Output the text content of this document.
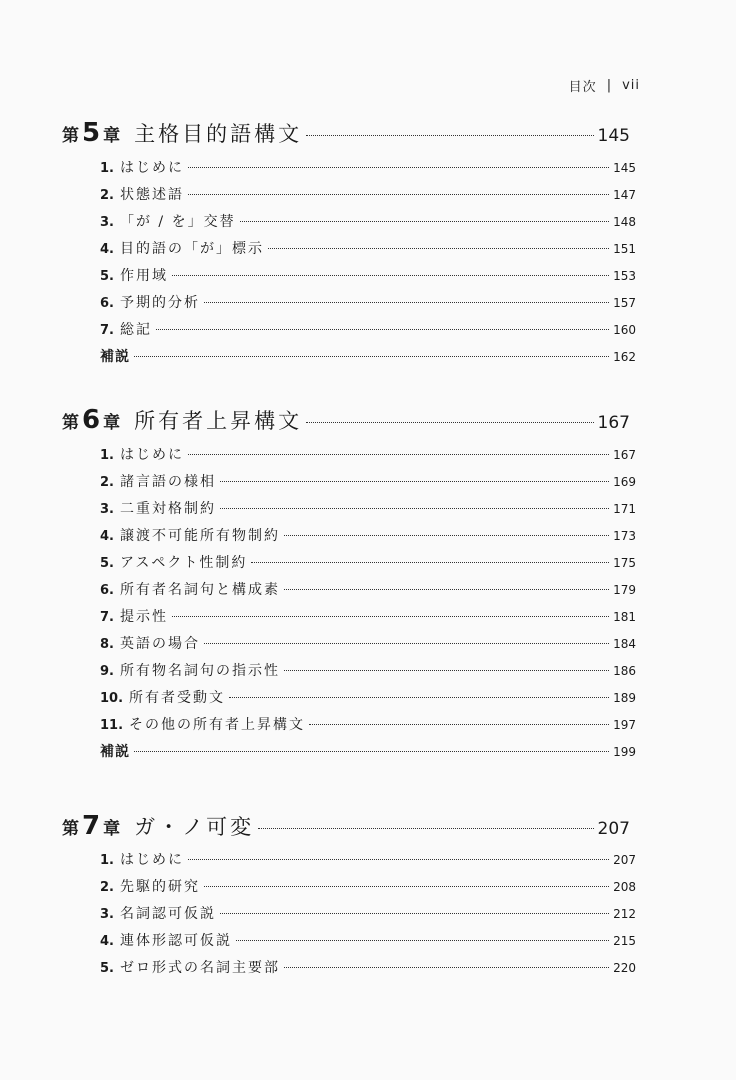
目次 | vii
第 5 章 主格目的語構文	145
1. はじめに	145
2. 状態述語	147
3. 「が / を」交替	148
4. 目的語の「が」標示	151
5. 作用域	153
6. 予期的分析	157
7. 総記	160
補説	162
第 6 章 所有者上昇構文	167
1. はじめに	167
2. 諸言語の様相	169
3. 二重対格制約	171
4. 譲渡不可能所有物制約	173
5. アスペクト性制約	175
6. 所有者名詞句と構成素	179
7. 提示性	181
8. 英語の場合	184
9. 所有物名詞句の指示性	186
10. 所有者受動文	189
11. その他の所有者上昇構文	197
補説	199
第 7 章 ガ・ノ可変	207
1. はじめに	207
2. 先駆的研究	208
3. 名詞認可仮説	212
4. 連体形認可仮説	215
5. ゼロ形式の名詞主要部	220
